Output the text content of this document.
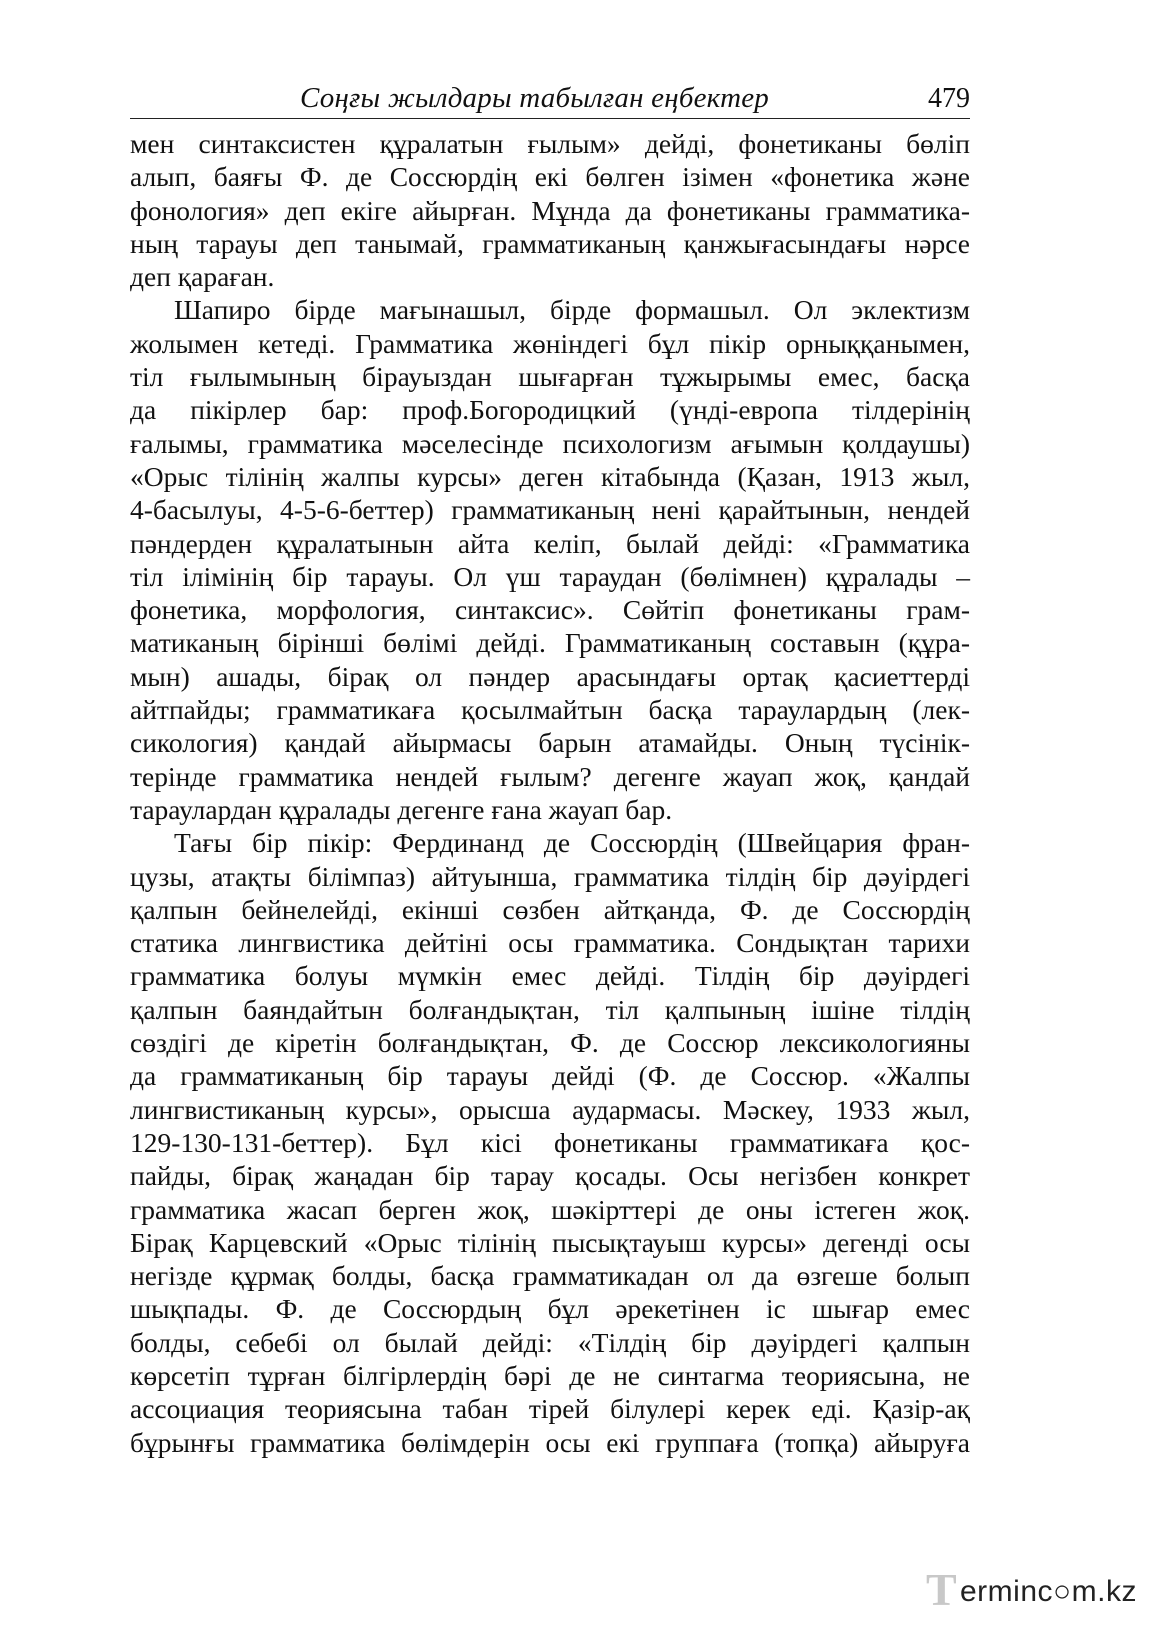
Соңғы жылдары табылған еңбектер	479
мен синтаксистен құралатын ғылым» дейді, фонетиканы бөліп
алып, баяғы Ф. де Соссюрдің екі бөлген ізімен «фонетика және
фонология» деп екіге айырған. Мұнда да фонетиканы грамматика-
ның тарауы деп танымай, грамматиканың қанжығасындағы нәрсе
деп қараған.
Шапиро бірде мағынашыл, бірде формашыл. Ол эклектизм
жолымен кетеді. Грамматика жөніндегі бұл пікір орныққанымен,
тіл ғылымының бірауыздан шығарған тұжырымы емес, басқа
да пікірлер бар: проф.Богородицкий (үнді-европа тілдерінің
ғалымы, грамматика мәселесінде психологизм ағымын қолдаушы)
«Орыс тілінің жалпы курсы» деген кітабында (Қазан, 1913 жыл,
4-басылуы, 4-5-6-беттер) грамматиканың нені қарайтынын, нендей
пәндерден құралатынын айта келіп, былай дейді: «Грамматика
тіл ілімінің бір тарауы. Ол үш тараудан (бөлімнен) құралады –
фонетика, морфология, синтаксис». Сөйтіп фонетиканы грам-
матиканың бірінші бөлімі дейді. Грамматиканың составын (құра-
мын) ашады, бірақ ол пәндер арасындағы ортақ қасиеттерді
айтпайды; грамматикаға қосылмайтын басқа тараулардың (лек-
сикология) қандай айырмасы барын атамайды. Оның түсінік-
терінде грамматика нендей ғылым? дегенге жауап жоқ, қандай
тараулардан құралады дегенге ғана жауап бар.
Тағы бір пікір: Фердинанд де Соссюрдің (Швейцария фран-
цузы, атақты білімпаз) айтуынша, грамматика тілдің бір дәуірдегі
қалпын бейнелейді, екінші сөзбен айтқанда, Ф. де Соссюрдің
статика лингвистика дейтіні осы грамматика. Сондықтан тарихи
грамматика болуы мүмкін емес дейді. Тілдің бір дәуірдегі
қалпын баяндайтын болғандықтан, тіл қалпының ішіне тілдің
сөздігі де кіретін болғандықтан, Ф. де Соссюр лексикологияны
да грамматиканың бір тарауы дейді (Ф. де Соссюр. «Жалпы
лингвистиканың курсы», орысша аудармасы. Мәскеу, 1933 жыл,
129-130-131-беттер). Бұл кісі фонетиканы грамматикаға қос-
пайды, бірақ жаңадан бір тарау қосады. Осы негізбен конкрет
грамматика жасап берген жоқ, шәкірттері де оны істеген жоқ.
Бірақ Карцевский «Орыс тілінің пысықтауыш курсы» дегенді осы
негізде құрмақ болды, басқа грамматикадан ол да өзгеше болып
шықпады. Ф. де Соссюрдың бұл әрекетінен іс шығар емес
болды, себебі ол былай дейді: «Тілдің бір дәуірдегі қалпын
көрсетіп тұрған білгірлердің бәрі де не синтагма теориясына, не
ассоциация теориясына табан тірей білулері керек еді. Қазір-ақ
бұрынғы грамматика бөлімдерін осы екі группаға (топқа) айыруға
T erminc○m.kz
